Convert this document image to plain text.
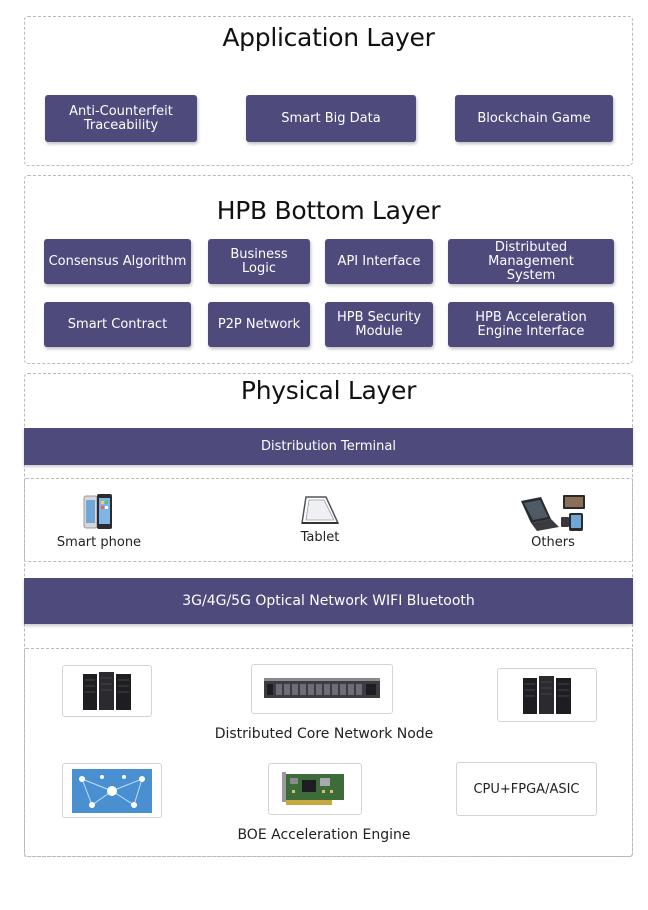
Application Layer
Anti-Counterfeit
Traceability	Smart Big Data	Blockchain Game
HPB Bottom Layer
Consensus Algorithm	Business Logic	API Interface
Distributed Management
System
Smart Contract	P2P Network	HPB Security
Module
HPB Acceleration
Engine Interface
Physical Layer
Distribution Terminal
Smart phone	Tablet	Others
3G/4G/5G Optical Network WIFI Bluetooth
Distributed Core Network Node
CPU+FPGA/ASIC
BOE Acceleration Engine
